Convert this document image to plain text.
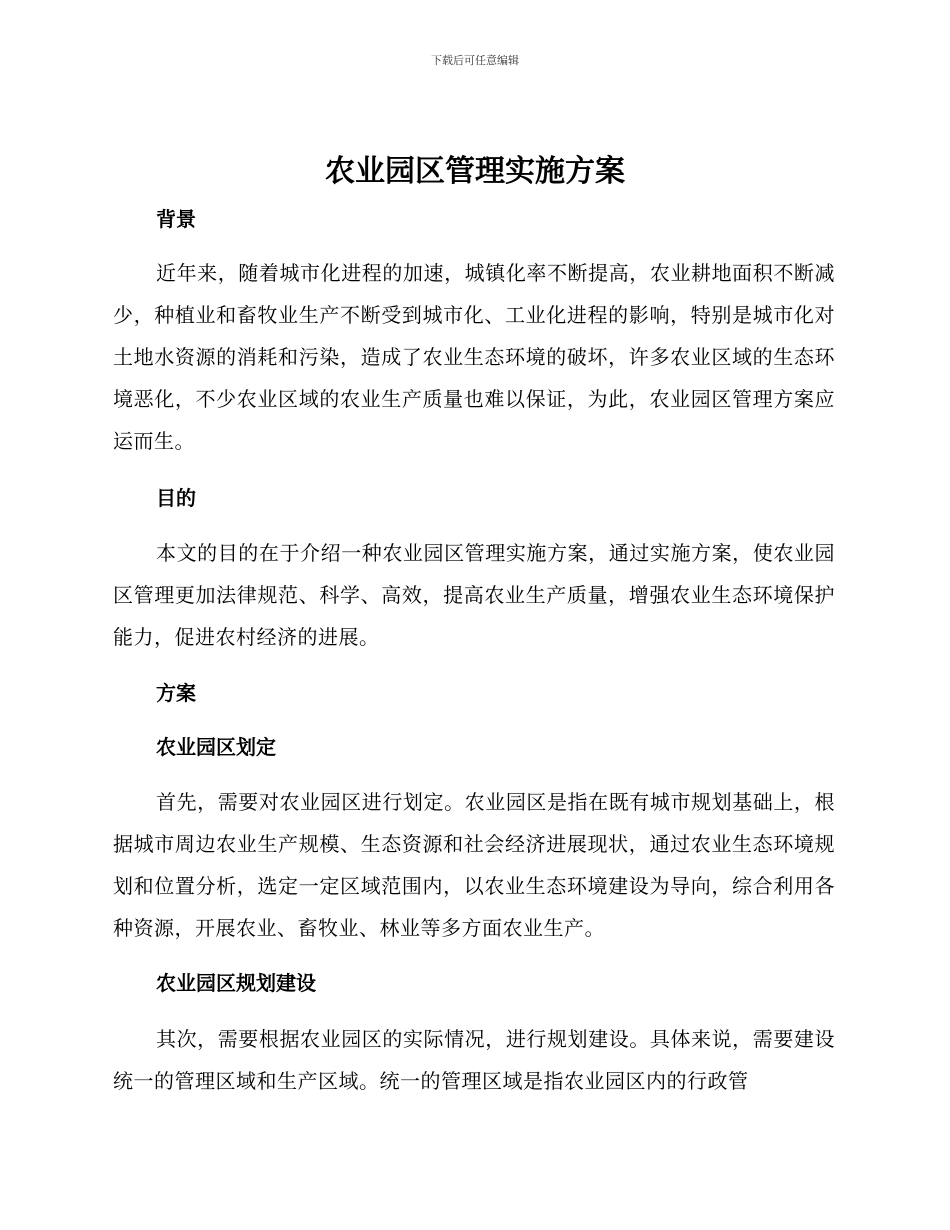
下载后可任意编辑
农业园区管理实施方案
背景

近年来，随着城市化进程的加速，城镇化率不断提高，农业耕地面积不断减少，种植业和畜牧业生产不断受到城市化、工业化进程的影响，特别是城市化对土地水资源的消耗和污染，造成了农业生态环境的破坏，许多农业区域的生态环境恶化，不少农业区域的农业生产质量也难以保证，为此，农业园区管理方案应运而生。

目的

本文的目的在于介绍一种农业园区管理实施方案，通过实施方案，使农业园区管理更加法律规范、科学、高效，提高农业生产质量，增强农业生态环境保护能力，促进农村经济的进展。

方案
农业园区划定

首先，需要对农业园区进行划定。农业园区是指在既有城市规划基础上，根据城市周边农业生产规模、生态资源和社会经济进展现状，通过农业生态环境规划和位置分析，选定一定区域范围内，以农业生态环境建设为导向，综合利用各种资源，开展农业、畜牧业、林业等多方面农业生产。

农业园区规划建设

其次，需要根据农业园区的实际情况，进行规划建设。具体来说，需要建设统一的管理区域和生产区域。统一的管理区域是指农业园区内的行政管
